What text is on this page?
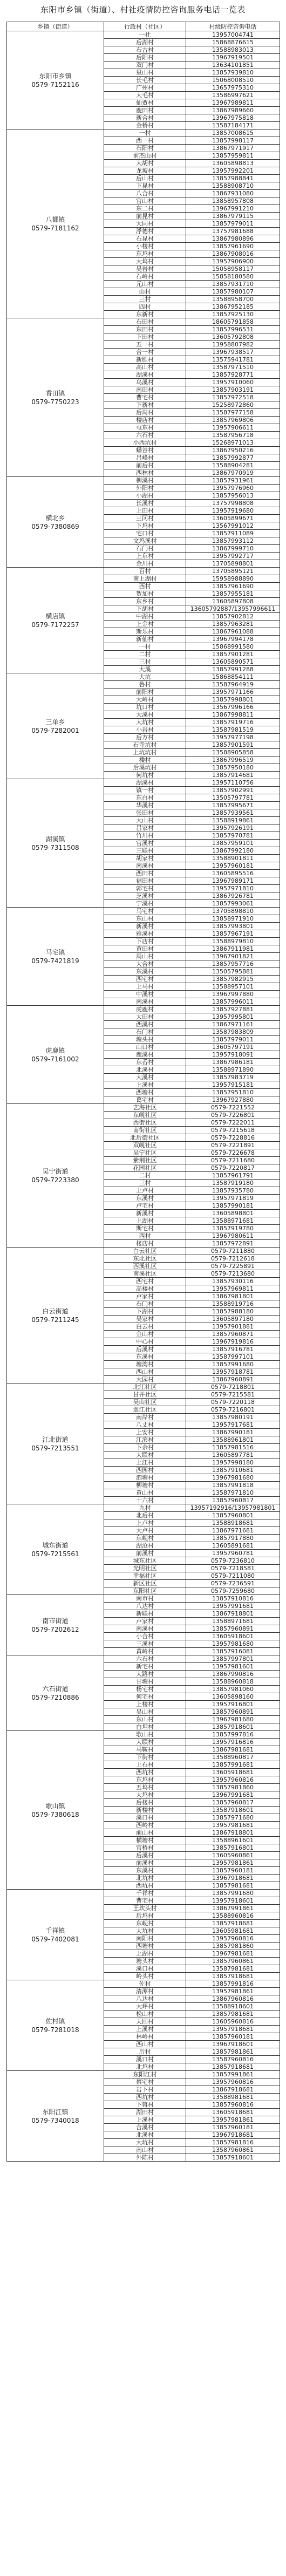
东阳市乡镇（街道）、村社疫情防控咨询服务电话一览表
乡镇（街道）	行政村（社区）	村级防控咨询电话

东阳市乡镇
0579-7152116	一社	13957004741
	后湖村	15868876615
	石古村	13588983013
	后阳村	13967919501
	双门村	13634101851
	里山村	13857939810
	长毛村	15068008510
	广州村	13657975310
	大毛村	13586997621
	仙贾村	13967989811
	鹿田村	13867989660
	新合村	13967975818
	金桥村	13587184171

八都镇
0579-7181162	一村	13857008615
	西一村	13857998117
	石阳村	13867971917
	前杰山村	13857959811
	大胡村	13605898813
	龙坡村	13957992201
	后山村	13857988841
	下昆村	13588908710
	八合村	13867931080
	官山村	13858957808
	东二村	13967991210
	前昆村	13867979115
	大同村	13857979011
	浮德村	13757981688
	石昆村	13867980896
	小楼村	13857961690
	东坞村	13867908016
	大坞村	13957906900
	吴岩村	15058958117
	石岭村	15858180580
	元山村	13857931710
	山村	13857980107
	三村	13588958700
	四村	13867952185
	东新村	13857925130

香田镇
0579-7750223	石田村	18605791858
	东田村	13857996531
	下田村	13605792808
	五一村	13958807982
	合一村	13967938517
	新胜村	13575941781
	高山村	13587971510
	湖溪村	13857928771
	乌溪村	13957910060
	南田村	13857903191
	曹宅村	13857972518
	下新村	15258972860
	后周村	13587977158
	楼店村	13857969806
	屯东村	13957906611
	六石村	13587956718
	小西坑村	15268971013
	蟠谷村	13867950216
	吕峰村	13857992877
	前后村	13588904281
	西林村	13867970919

横北乡
0579-7380869	柳溪村	13857931961
	外阳村	13957976960
	小湖村	13857956013
	长溪村	13757998808
	上田村	13957919680
	三冈村	13605899671
	下坞村	13567991012
	宅口村	13857911089
	文坞溪村	13857993112
	石门村	13867999710
	上东村	13957992717
	金川村	13705898801

横店镇
0579-7172257	百村	13705895121
	南上湖村	15958988890
	西村	13857961690
	贺加村	13857955181
	东乡村	13605897808
	下胡村	13605792887/13957996611
	中湖村	13857902812
	上金村	13857963281
	斯乐村	13867961088
	新仙村	13967994178
	一村	15868991580
	二村	13857901281
	三村	13605890571
	大溪	13857991288

三单乡
0579-7282001	大坑	15868854111
	鲁村	13587964919
	前阳村	13957971166
	大岭村	13857998801
	坑口村	13567996166
	大溪村	13867998811
	大坑村	13857919716
	小岩村	13587981519
	后方村	13957977198
	石寺坑村	13857901591
	上坑坑村	13588905858
	楼村	13867996519
	后溪坑村	13857950180
	何坑村	13857914681

湖溪镇
0579-7311508	湖溪村	13957110756
	镇一村	13857902991
	东白村	13505797781
	华溪村	13857995671
	张田村	13857939561
	大山村	13588919861
	吕家村	13957926191
	竹川村	13857970781
	官溪村	13857959101
	三联村	13867992180
	胡家村	13588901811
	南溪村	13957960181
	西田村	13605895516
	福田村	13967989171
	郭宅村	13957971810
	芝溪村	13867926781
	宁溪村	13857993061

马宅镇
0579-7421819	马宅村	13705898810
	东山村	13858971910
	新溪村	13857993801
	雅溪村	13857967191
	下店村	13588979810
	黄田村	13867911981
	周山村	13967901821
	大合村	13857957716
	东溪村	13505795881
	西宅村	13857982915
	上马村	13588957101
	中溪村	13967997880
	南溪村	13857996011

虎鹿镇
0579-7161002	虎鹿村	13857927881
	大田村	13957995801
	西溪村	13867971161
	石门村	13587983809
	塘头村	13857979011
	山口村	13605797191
	鹿溪村	13957918091
	东岙村	13867986181
	北溪村	13588971890
	大溪村	13857983719
	上溪村	13957915181
	西塘村	13857951810
	葛宅村	13967927880

吴宁街道
0579-7223380	艺海社区	0579-7221552
	东岘社区	0579-7226801
	西街社区	0579-7222011
	南街社区	0579-7215618
	北后街社区	0579-7228816
	双岘社区	0579-7221891
	吴宁社区	0579-7226678
	紫荆社区	0579-7211680
	花园社区	0579-7220817
	二村	13857961791
	三村	13587919180
	上卢村	13857935780
	东溪村	13957971819
	卢宅村	13857990181
	新溪村	13605898801
	上湖村	13588971681
	斯宅村	13857919780
	西村	13967980611
	楼店村	13857972891

白云街道
0579-7211245	白云社区	0579-7211880
	东北社区	0579-7212618
	西溪社区	0579-7225891
	南溪社区	0579-7213680
	西宅村	13857930116
	高楼村	13957969811
	卢家村	13867981801
	石门村	13588919716
	下湖村	13857988180
	吴家村	13605897180
	白云村	13957901881
	金山村	13857960871
	中心村	13967919816
	后溪村	13857916781
	东溪村	13587997101
	塘湾村	13857991680
	西山村	13957918781
	大园村	13867960891

江北街道
0579-7213551	北江社区	0579-7218801
	甘井社区	0579-7215581
	吴山社区	0579-7220118
	翠江社区	0579-7216801
	南岸村	13857980191
	八丈村	13957917681
	上安村	13867990181
	江滨村	13588961801
	下余村	13857981516
	大联村	13605897781
	上江村	13957998180
	西园村	13857910681
	泗塘村	13967981680
	柳塘村	13857991818
	黄山村	13587971810
	十六村	13857960817

城东街道
0579-7215561	九村	13957192916/13957981801
	北后村	13857960801
	上卢村	13588918681
	大卢村	13867971681
	东岘村	13857917880
	湖沧村	13605891681
	前溪村	13957960781
	城东社区	0579-7236810
	光明社区	0579-7218581
	幸福社区	0579-7211080
	新区社区	0579-7236591
	东阳社区	0579-7259680

南市街道
0579-7202612	南市村	13857910816
	八达村	13957991681
	新联村	13867918801
	卢家村	13588971681
	南溪村	13857960891
	小合村	13605918601
	三溪村	13957981680
	黄岭村	13857916081

六石街道
0579-7210886	六石村	13857997801
	新宅村	13957981601
	大路村	13867990816
	甘塘村	13588960818
	杨宅村	13857981060
	何宅村	13605898160
	上楼村	13957916801
	吴山村	13857960891
	东山村	13967981680
	白坦村	13857918601

歌山镇
0579-7380618	歌山村	13857997816
	大联村	13957916816
	马鞍村	13867981681
	下街村	13588960817
	上石村	13857991681
	西坑村	13605918681
	东坞村	13957960816
	五坞村	13857981860
	大坞村	13967991681
	后楼村	13857960817
	新楼村	13587918601
	溪口村	13857971680
	西岭村	13957981681
	前山村	13867918801
	横塘村	13588961601
	官桥村	13857916801
	后溪村	13605960861
	前溪村	13957981861
	东溪村	13857960181
	北坑村	13967918681
	西坑村	13857981681

千祥镇
0579-7402081	千祥村	13857991680
	曹宅村	13957918601
	王坎头村	13867991861
	后坞村	13588960816
	东岘村	13857918681
	大坑村	13605981681
	南阳村	13957960816
	西塘村	13857981860
	上湖村	13967981681
	塘头村	13857960861
	溪口村	13587981681
	岭头村	13857918681

佐村镇
0579-7281018	佐村	13857991816
	清潭村	13957981861
	八达村	13867960816
	大坪村	13588918601
	松山村	13857981681
	天回村	13605960816
	上溪村	13957918681
	林岭村	13857960181
	西山村	13967918601
	后村	13857981861
	溪口村	13587960816
	北坞村	13857918681

东阳江镇
0579-7340018	东阳江村	13857991861
	蔡宅村	13957960816
	岩下村	13867918681
	西坑村	13588981681
	下蒋村	13857960816
	湖田村	13605918681
	上溪村	13957981861
	合溪村	13857960181
	北溪村	13967918681
	大坑村	13857981816
	南山村	13587960861
	外陈村	13857918601
